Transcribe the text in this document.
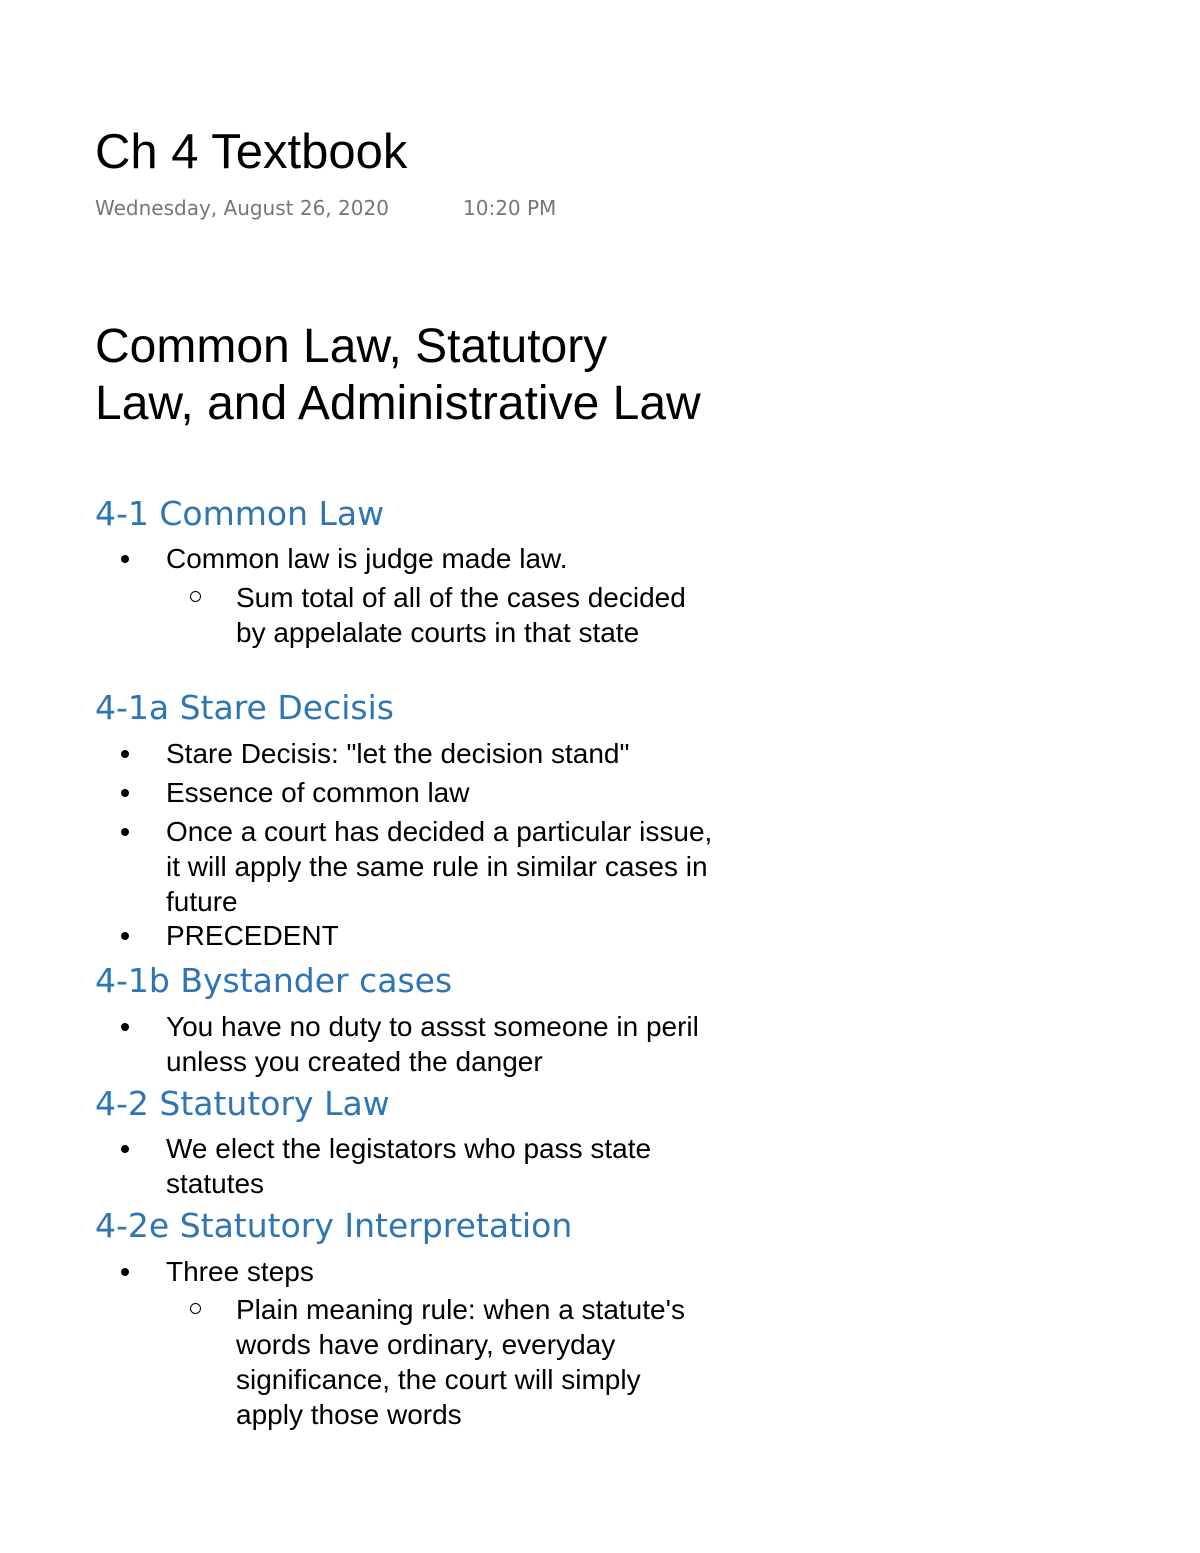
Ch 4 Textbook
Wednesday, August 26, 2020	10:20 PM
Common Law, Statutory Law, and Administrative Law
4-1 Common Law
Common law is judge made law.
Sum total of all of the cases decided by appelalate courts in that state
4-1a Stare Decisis
Stare Decisis: "let the decision stand"
Essence of common law
Once a court has decided a particular issue, it will apply the same rule in similar cases in future
PRECEDENT
4-1b Bystander cases
You have no duty to assst someone in peril unless you created the danger
4-2 Statutory Law
We elect the legistators who pass state statutes
4-2e Statutory Interpretation
Three steps
Plain meaning rule: when a statute's words have ordinary, everyday significance, the court will simply apply those words
